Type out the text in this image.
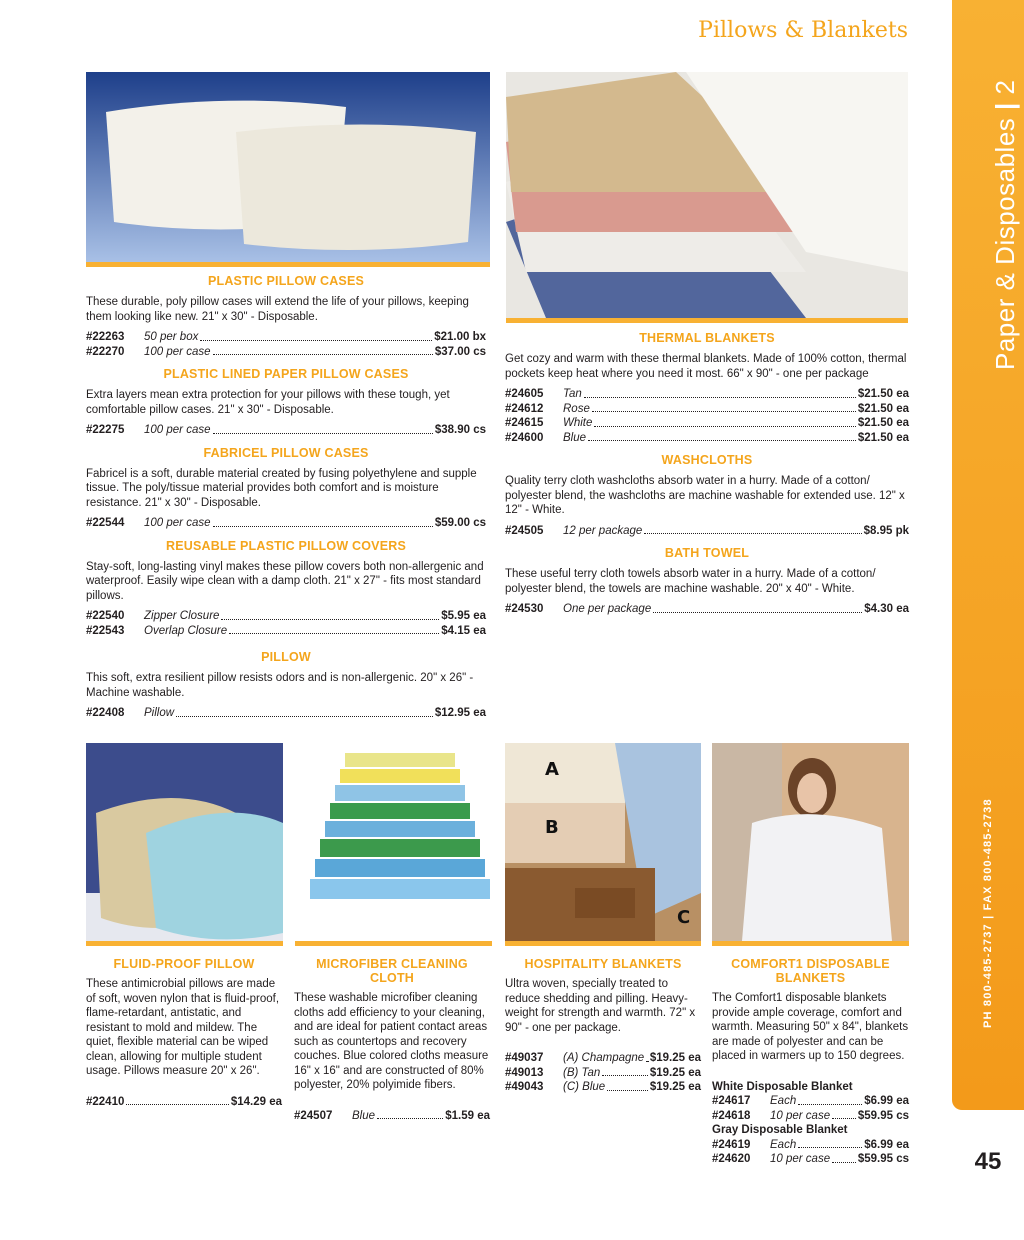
Pillows & Blankets
Paper & Disposables | 2
PH 800-485-2737 | FAX 800-485-2738
45
PLASTIC PILLOW CASES
These durable, poly pillow cases will extend the life of your pillows, keeping them looking like new. 21" x 30" - Disposable.
#22263	50 per box	$21.00 bx
#22270	100 per case	$37.00 cs
PLASTIC LINED PAPER PILLOW CASES
Extra layers mean extra protection for your pillows with these tough, yet comfortable pillow cases. 21" x 30" - Disposable.
#22275	100 per case	$38.90 cs
FABRICEL PILLOW CASES
Fabricel is a soft, durable material created by fusing polyethylene and supple tissue. The poly/tissue material provides both comfort and is moisture resistance. 21" x 30" - Disposable.
#22544	100 per case	$59.00 cs
REUSABLE PLASTIC PILLOW COVERS
Stay-soft, long-lasting vinyl makes these pillow covers both non-allergenic and waterproof. Easily wipe clean with a damp cloth. 21" x 27" - fits most standard pillows.
#22540	Zipper Closure	$5.95 ea
#22543	Overlap Closure	$4.15 ea
PILLOW
This soft, extra resilient pillow resists odors and is non-allergenic. 20" x 26" - Machine washable.
#22408	Pillow	$12.95 ea
THERMAL BLANKETS
Get cozy and warm with these thermal blankets. Made of 100% cotton, thermal pockets keep heat where you need it most. 66" x 90" - one per package
#24605	Tan	$21.50 ea
#24612	Rose	$21.50 ea
#24615	White	$21.50 ea
#24600	Blue	$21.50 ea
WASHCLOTHS
Quality terry cloth washcloths absorb water in a hurry. Made of a cotton/ polyester blend, the washcloths are machine washable for extended use. 12" x 12" - White.
#24505	12 per package	$8.95 pk
BATH TOWEL
These useful terry cloth towels absorb water in a hurry. Made of a cotton/ polyester blend, the towels are machine washable. 20" x 40" - White.
#24530	One per package	$4.30 ea
A
B
C
FLUID-PROOF PILLOW
These antimicrobial pillows are made of soft, woven nylon that is fluid-proof, flame-retardant, antistatic, and resistant to mold and mildew. The quiet, flexible material can be wiped clean, allowing for multiple student usage. Pillows measure 20" x 26".
#22410	$14.29 ea
MICROFIBER CLEANING CLOTH
These washable microfiber cleaning cloths add efficiency to your cleaning, and are ideal for patient contact areas such as countertops and recovery couches. Blue colored cloths measure 16" x 16" and are constructed of 80% polyester, 20% polyimide fibers.
#24507	Blue	$1.59 ea
HOSPITALITY BLANKETS
Ultra woven, specially treated to reduce shedding and pilling. Heavy-weight for strength and warmth. 72" x 90" - one per package.
#49037	(A) Champagne $19.25 ea
#49013	(B) Tan	$19.25 ea
#49043	(C) Blue	$19.25 ea
COMFORT1 DISPOSABLE BLANKETS
The Comfort1 disposable blankets provide ample coverage, comfort and warmth. Measuring 50" x 84", blankets are made of polyester and can be placed in warmers up to 150 degrees.
White Disposable Blanket
#24617	Each	$6.99 ea
#24618	10 per case $59.95 cs
Gray Disposable Blanket
#24619	Each	$6.99 ea
#24620	10 per case $59.95 cs
